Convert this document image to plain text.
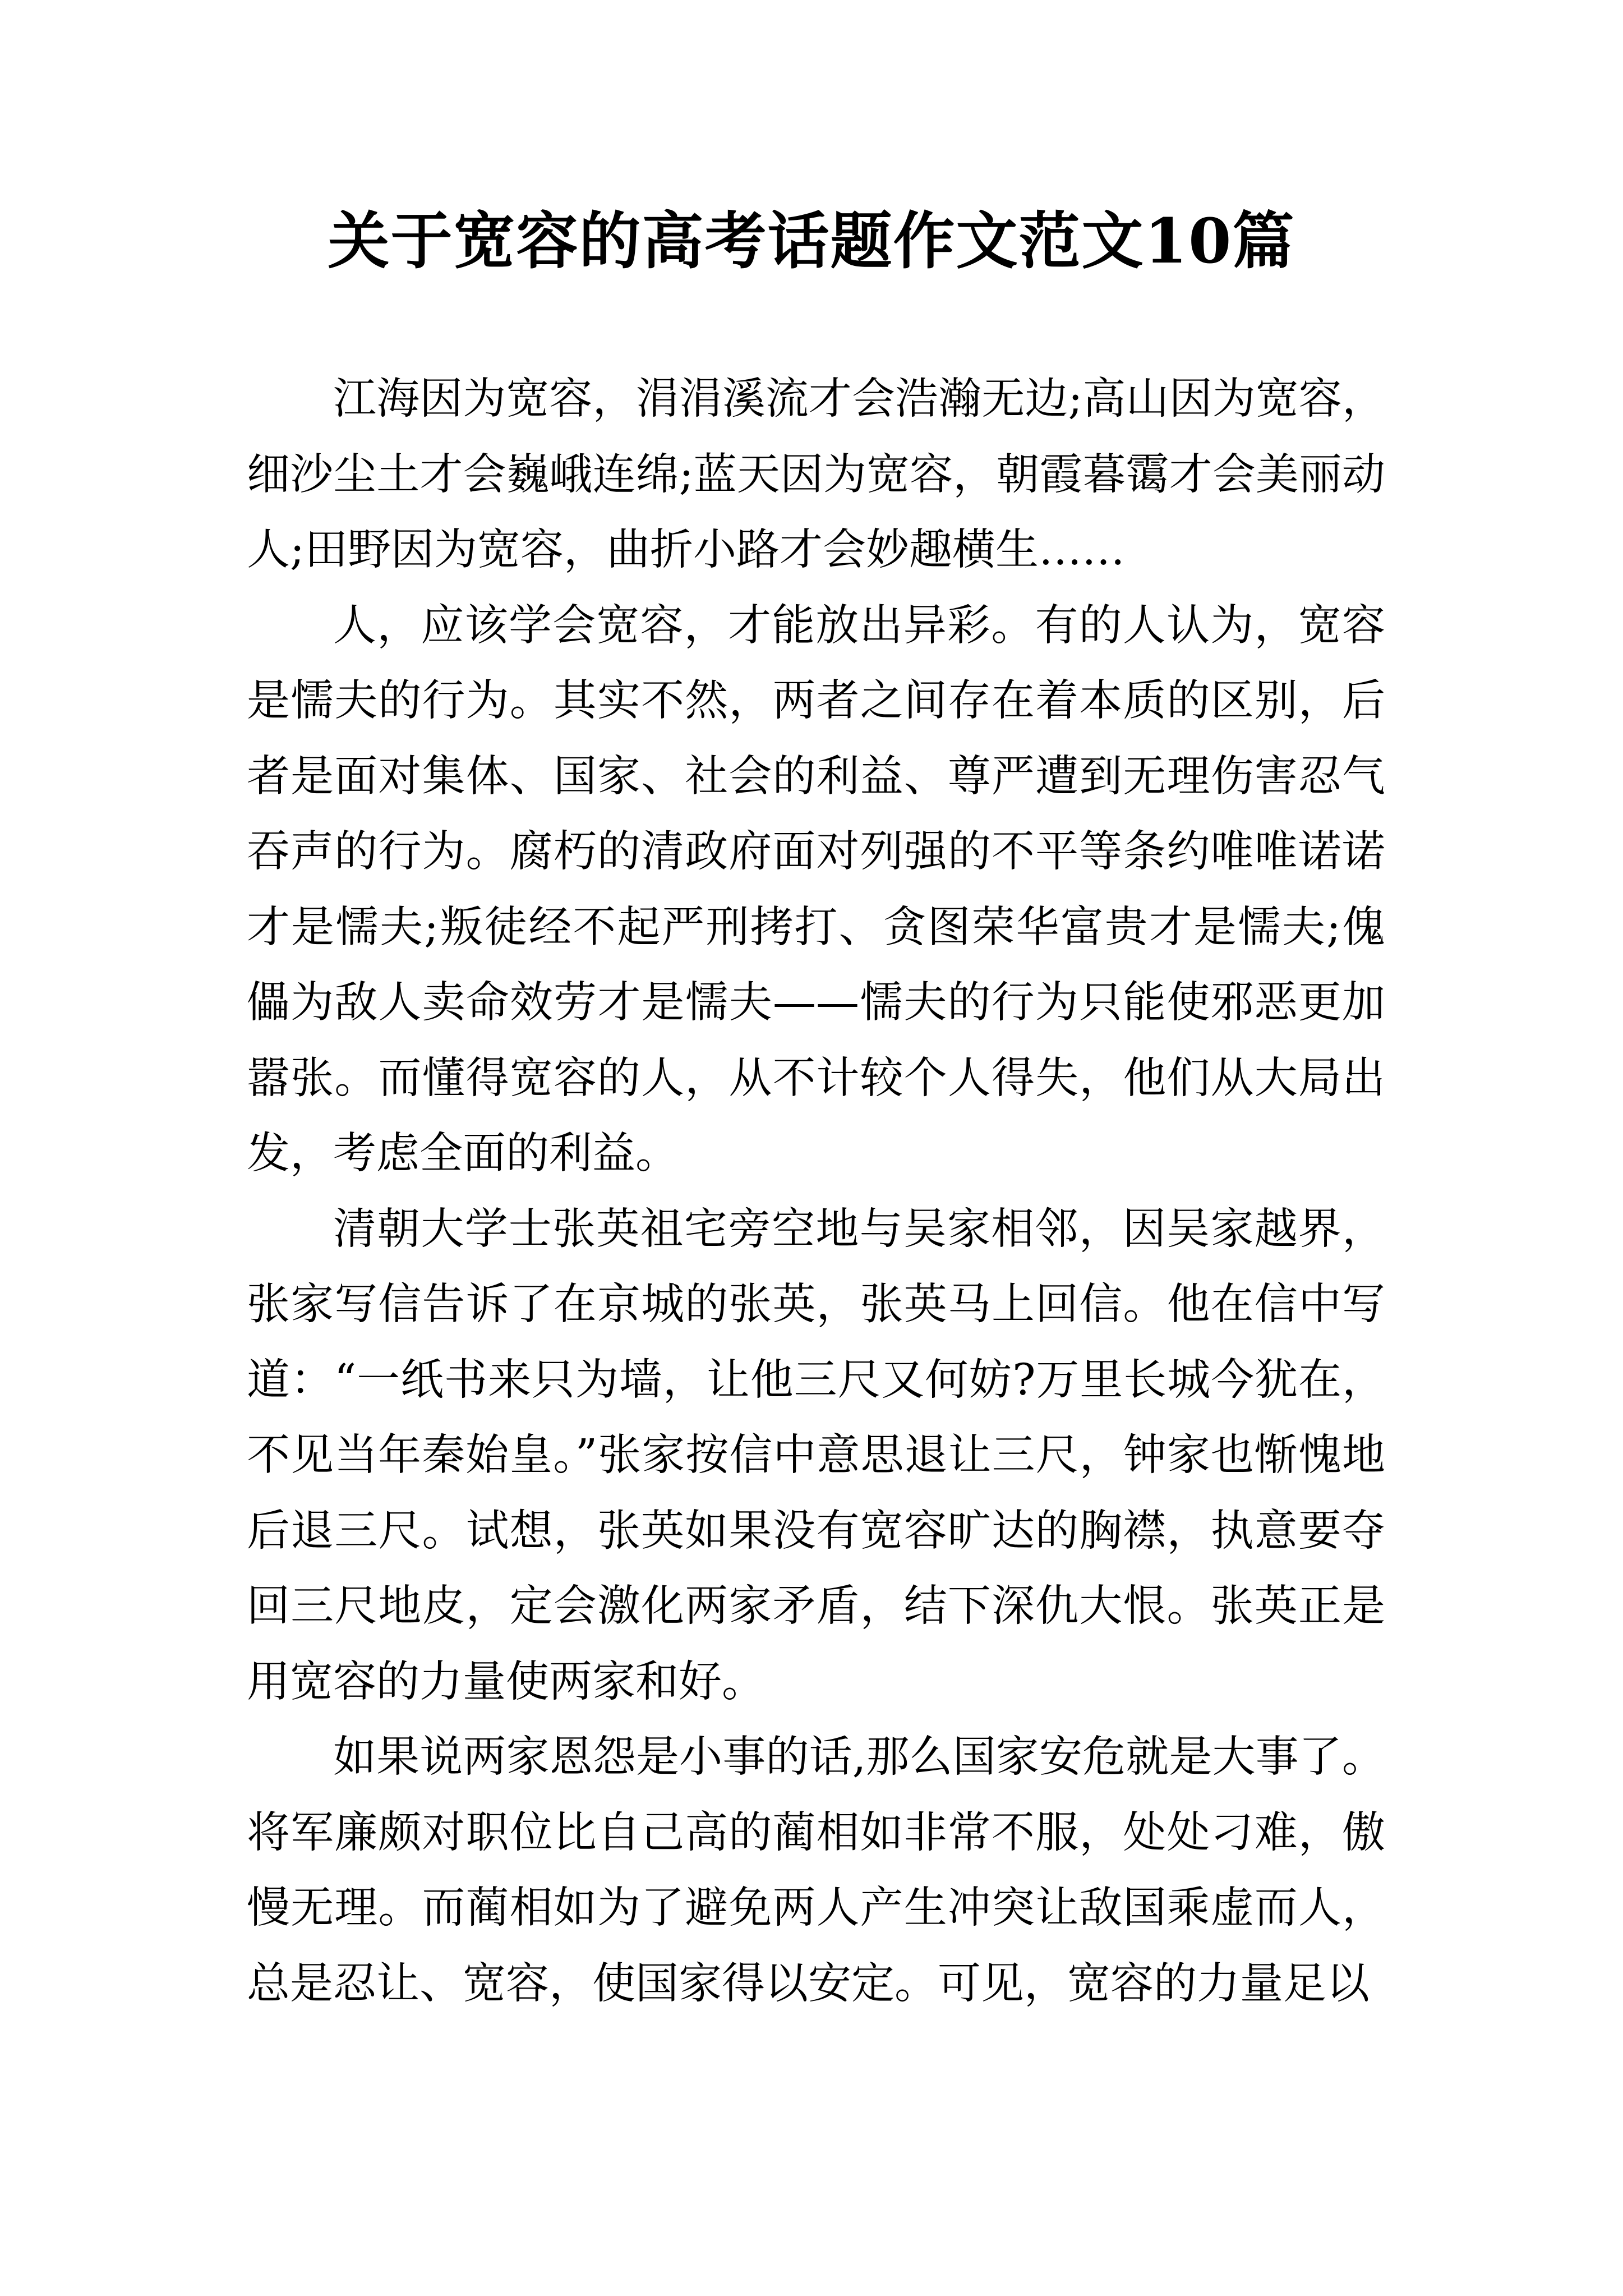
关于宽容的高考话题作文范文10篇

江海因为宽容，涓涓溪流才会浩瀚无边;高山因为宽容，细沙尘土才会巍峨连绵;蓝天因为宽容，朝霞暮霭才会美丽动人;田野因为宽容，曲折小路才会妙趣横生……

人，应该学会宽容，才能放出异彩。有的人认为，宽容是懦夫的行为。其实不然，两者之间存在着本质的区别，后者是面对集体、国家、社会的利益、尊严遭到无理伤害忍气吞声的行为。腐朽的清政府面对列强的不平等条约唯唯诺诺才是懦夫;叛徒经不起严刑拷打、贪图荣华富贵才是懦夫;傀儡为敌人卖命效劳才是懦夫——懦夫的行为只能使邪恶更加嚣张。而懂得宽容的人，从不计较个人得失，他们从大局出发，考虑全面的利益。

清朝大学士张英祖宅旁空地与吴家相邻，因吴家越界，张家写信告诉了在京城的张英，张英马上回信。他在信中写道：“一纸书来只为墙，让他三尺又何妨?万里长城今犹在，不见当年秦始皇。”张家按信中意思退让三尺，钟家也惭愧地后退三尺。试想，张英如果没有宽容旷达的胸襟，执意要夺回三尺地皮，定会激化两家矛盾，结下深仇大恨。张英正是用宽容的力量使两家和好。

如果说两家恩怨是小事的话,那么国家安危就是大事了。将军廉颇对职位比自己高的蔺相如非常不服，处处刁难，傲慢无理。而蔺相如为了避免两人产生冲突让敌国乘虚而人，总是忍让、宽容，使国家得以安定。可见，宽容的力量足以
